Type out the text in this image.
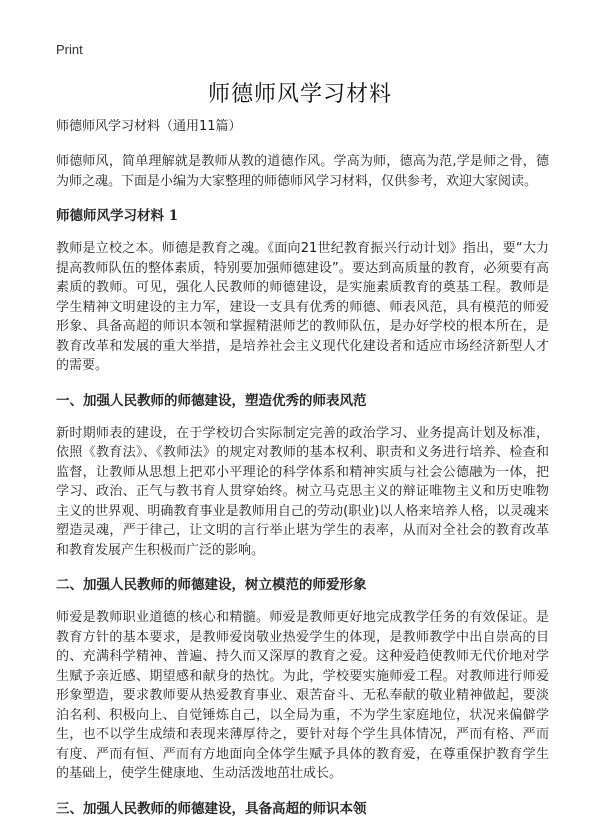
Print
师德师风学习材料
师德师风学习材料（通用11篇）

师德师风，简单理解就是教师从教的道德作风。学高为师，德高为范,学是师之骨，德为师之魂。下面是小编为大家整理的师德师风学习材料，仅供参考，欢迎大家阅读。

师德师风学习材料 1

教师是立校之本。师德是教育之魂。《面向21世纪教育振兴行动计划》指出，要“大力提高教师队伍的整体素质，特别要加强师德建设”。要达到高质量的教育，必须要有高素质的教师。可见，强化人民教师的师德建设，是实施素质教育的奠基工程。教师是学生精神文明建设的主力军，建设一支具有优秀的师德、师表风范，具有模范的师爱形象、具备高超的师识本领和掌握精湛师艺的教师队伍，是办好学校的根本所在，是教育改革和发展的重大举措，是培养社会主义现代化建设者和适应市场经济新型人才的需要。

一、加强人民教师的师德建设，塑造优秀的师表风范

新时期师表的建设，在于学校切合实际制定完善的政治学习、业务提高计划及标准，依照《教育法》、《教师法》的规定对教师的基本权利、职责和义务进行培养、检查和监督，让教师从思想上把邓小平理论的科学体系和精神实质与社会公德融为一体，把学习、政治、正气与教书育人贯穿始终。树立马克思主义的辩证唯物主义和历史唯物主义的世界观、明确教育事业是教师用自己的劳动(职业)以人格来培养人格，以灵魂来塑造灵魂，严于律己，让文明的言行举止堪为学生的表率，从而对全社会的教育改革和教育发展产生积极而广泛的影响。

二、加强人民教师的师德建设，树立模范的师爱形象

师爱是教师职业道德的核心和精髓。师爱是教师更好地完成教学任务的有效保证。是教育方针的基本要求，是教师爱岗敬业热爱学生的体现，是教师教学中出自崇高的目的、充满科学精神、普遍、持久而又深厚的教育之爱。这种爱趋使教师无代价地对学生赋予亲近感、期望感和献身的热忱。为此，学校要实施师爱工程。对教师进行师爱形象塑造，要求教师要从热爱教育事业、艰苦奋斗、无私奉献的敬业精神做起，要淡泊名利、积极向上、自觉锤炼自己，以全局为重，不为学生家庭地位，状况来偏僻学生，也不以学生成绩和表现来薄厚待之，要针对每个学生具体情况，严而有格、严而有度、严而有恒、严而有方地面向全体学生赋予具体的教育爱，在尊重保护教育学生的基础上，使学生健康地、生动活泼地茁壮成长。

三、加强人民教师的师德建设，具备高超的师识本领
